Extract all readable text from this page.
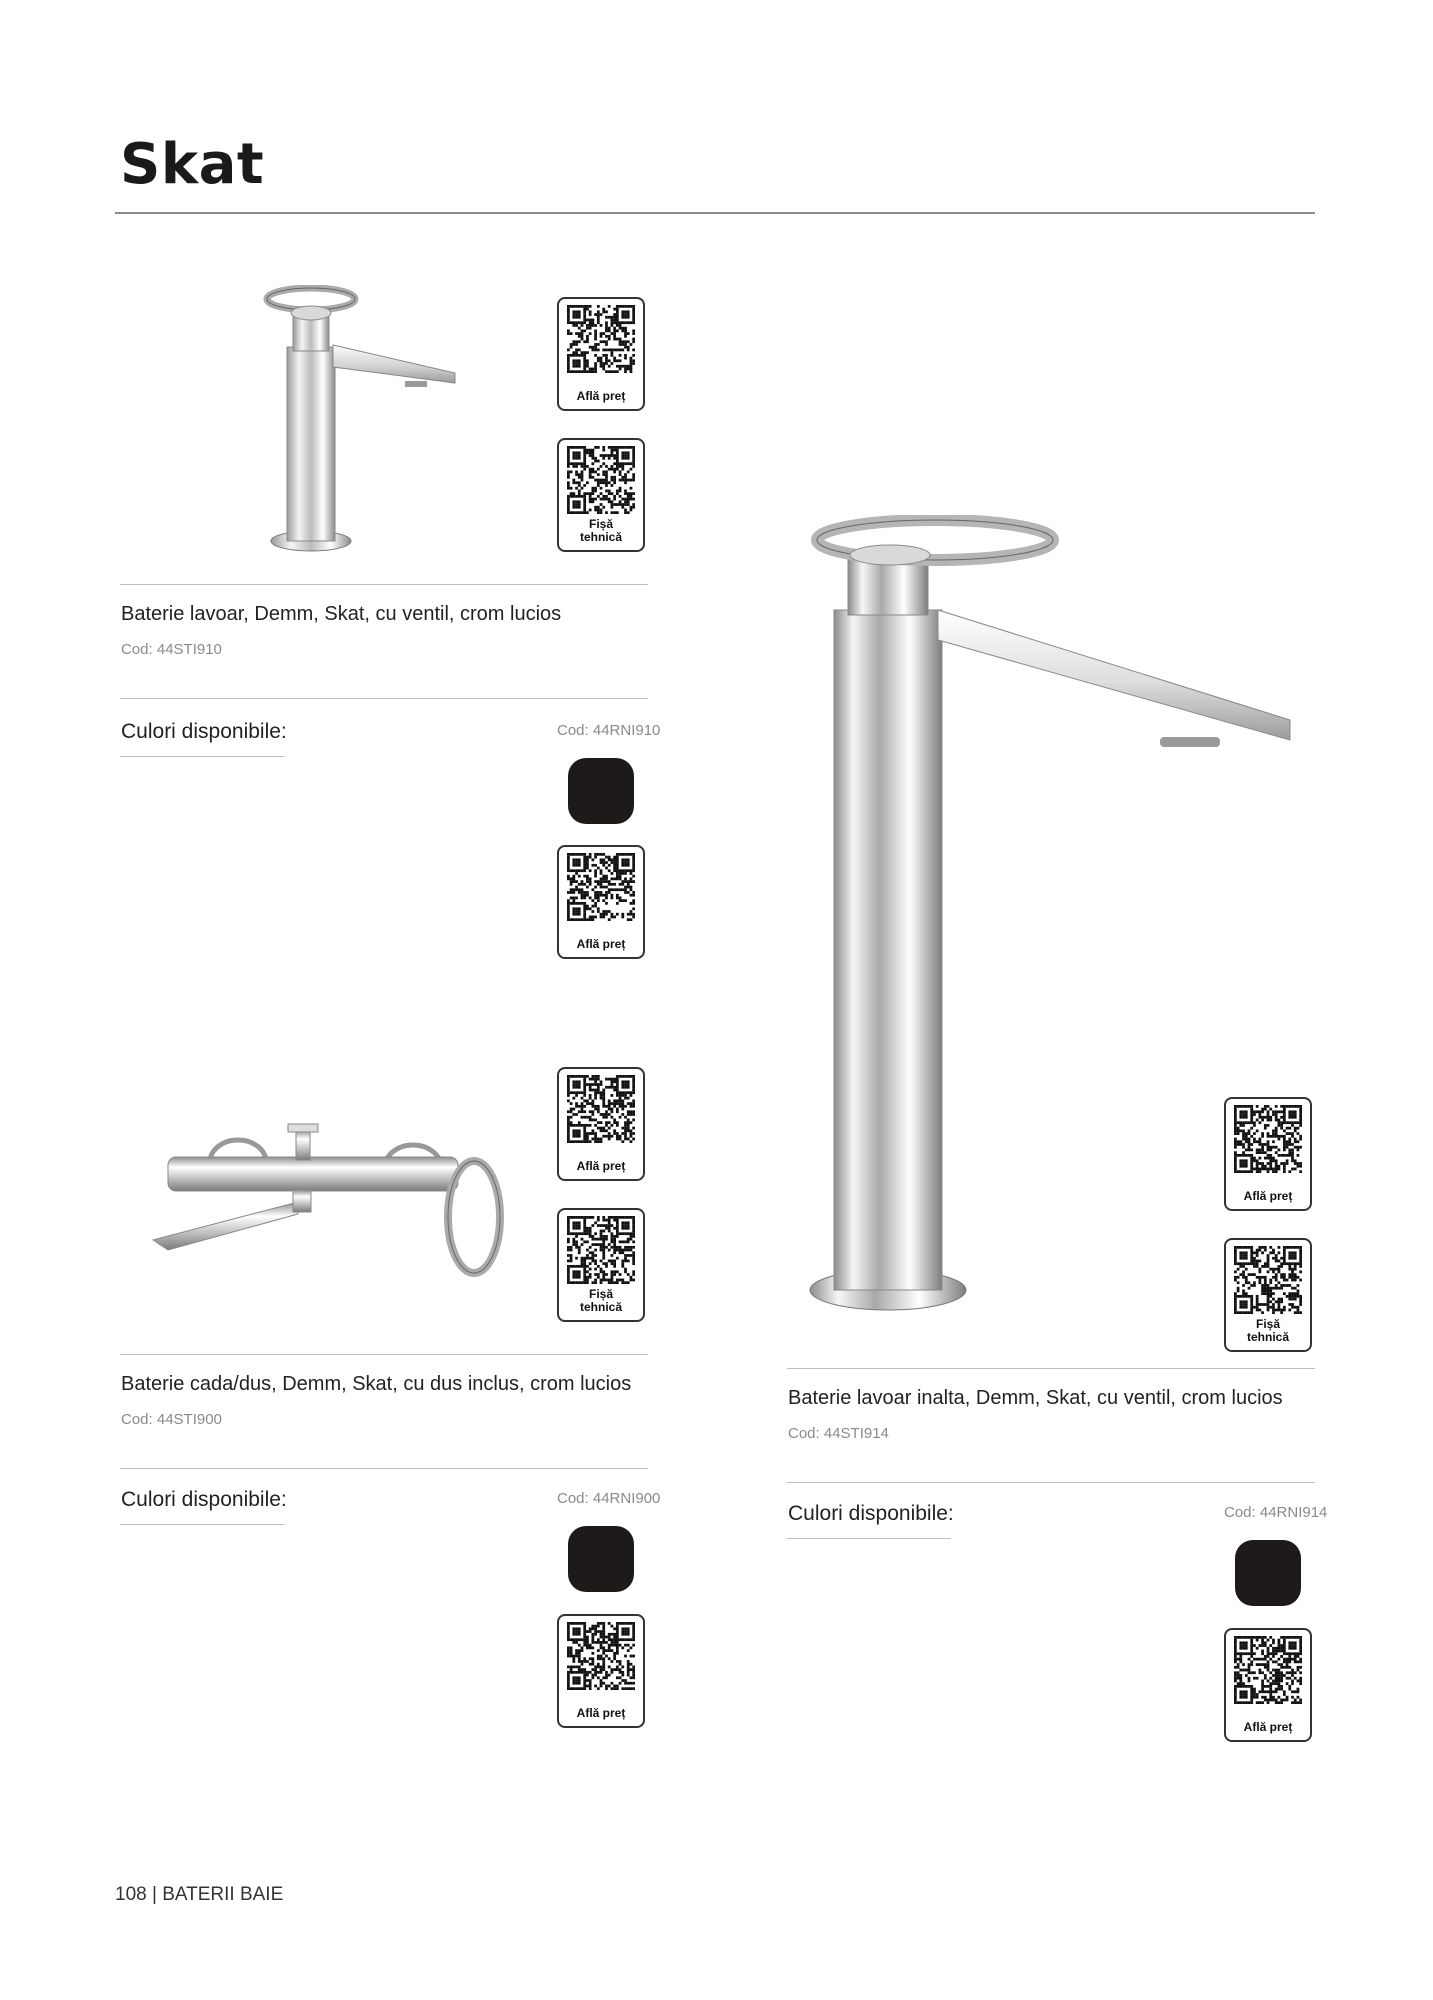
Skat
Află preț
Fișă
tehnică
Baterie lavoar, Demm, Skat, cu ventil, crom lucios
Cod: 44STI910
Culori disponibile:	Cod: 44RNI910
Află preț
Află preț
Fișă
tehnică
Baterie cada/dus, Demm, Skat, cu dus inclus, crom lucios
Cod: 44STI900
Culori disponibile:	Cod: 44RNI900
Află preț
Află preț
Fișă
tehnică
Baterie lavoar inalta, Demm, Skat, cu ventil, crom lucios
Cod: 44STI914
Culori disponibile:	Cod: 44RNI914
Află preț
108 | BATERII BAIE
